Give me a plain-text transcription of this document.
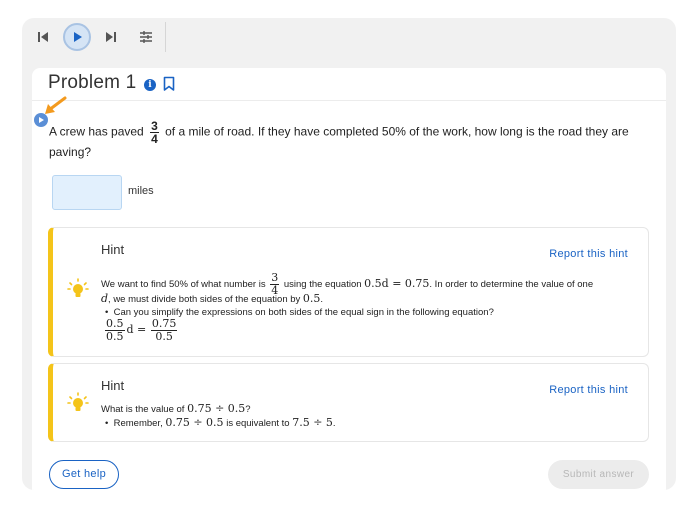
Problem 1	i
A crew has paved $\frac{3}{4}$ of a mile of road. If they have completed 50% of the work, how long is the road they are
paving?
miles
Hint	Report this hint
We want to find 50% of what number is $\frac{3}{4}$ using the equation 0.5d = 0.75. In order to determine the value of one
d, we must divide both sides of the equation by 0.5.
•  Can you simplify the expressions on both sides of the equal sign in the following equation?
$\frac{0.5}{0.5}$ $d = \frac{0.75}{0.5}$
Hint	Report this hint
What is the value of 0.75 ÷ 0.5?
•  Remember, 0.75 ÷ 0.5 is equivalent to 7.5 ÷ 5.
Get help	Submit answer
